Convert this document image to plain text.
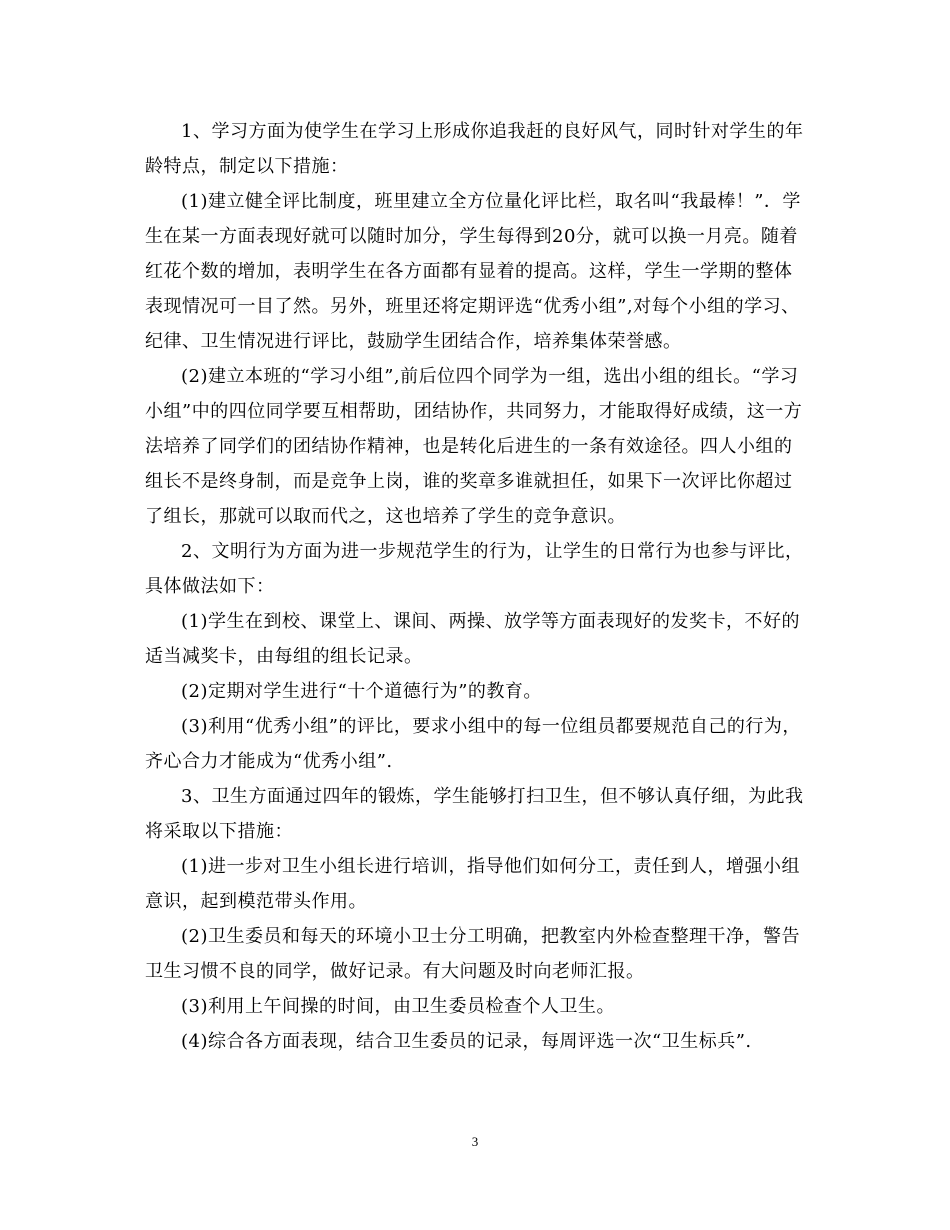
1、学习方面为使学生在学习上形成你追我赶的良好风气，同时针对学生的年龄特点，制定以下措施：

(1)建立健全评比制度，班里建立全方位量化评比栏，取名叫“我最棒！”．学生在某一方面表现好就可以随时加分，学生每得到20分，就可以换一月亮。随着红花个数的增加，表明学生在各方面都有显着的提高。这样，学生一学期的整体表现情况可一目了然。另外，班里还将定期评选“优秀小组”,对每个小组的学习、纪律、卫生情况进行评比，鼓励学生团结合作，培养集体荣誉感。

(2)建立本班的“学习小组”,前后位四个同学为一组，选出小组的组长。“学习小组”中的四位同学要互相帮助，团结协作，共同努力，才能取得好成绩，这一方法培养了同学们的团结协作精神，也是转化后进生的一条有效途径。四人小组的组长不是终身制，而是竞争上岗，谁的奖章多谁就担任，如果下一次评比你超过了组长，那就可以取而代之，这也培养了学生的竞争意识。

2、文明行为方面为进一步规范学生的行为，让学生的日常行为也参与评比，具体做法如下：

(1)学生在到校、课堂上、课间、两操、放学等方面表现好的发奖卡，不好的适当减奖卡，由每组的组长记录。

(2)定期对学生进行“十个道德行为”的教育。

(3)利用“优秀小组”的评比，要求小组中的每一位组员都要规范自己的行为，齐心合力才能成为“优秀小组”.

3、卫生方面通过四年的锻炼，学生能够打扫卫生，但不够认真仔细，为此我将采取以下措施：

(1)进一步对卫生小组长进行培训，指导他们如何分工，责任到人，增强小组意识，起到模范带头作用。

(2)卫生委员和每天的环境小卫士分工明确，把教室内外检查整理干净，警告卫生习惯不良的同学，做好记录。有大问题及时向老师汇报。

(3)利用上午间操的时间，由卫生委员检查个人卫生。

(4)综合各方面表现，结合卫生委员的记录，每周评选一次“卫生标兵”.

3
